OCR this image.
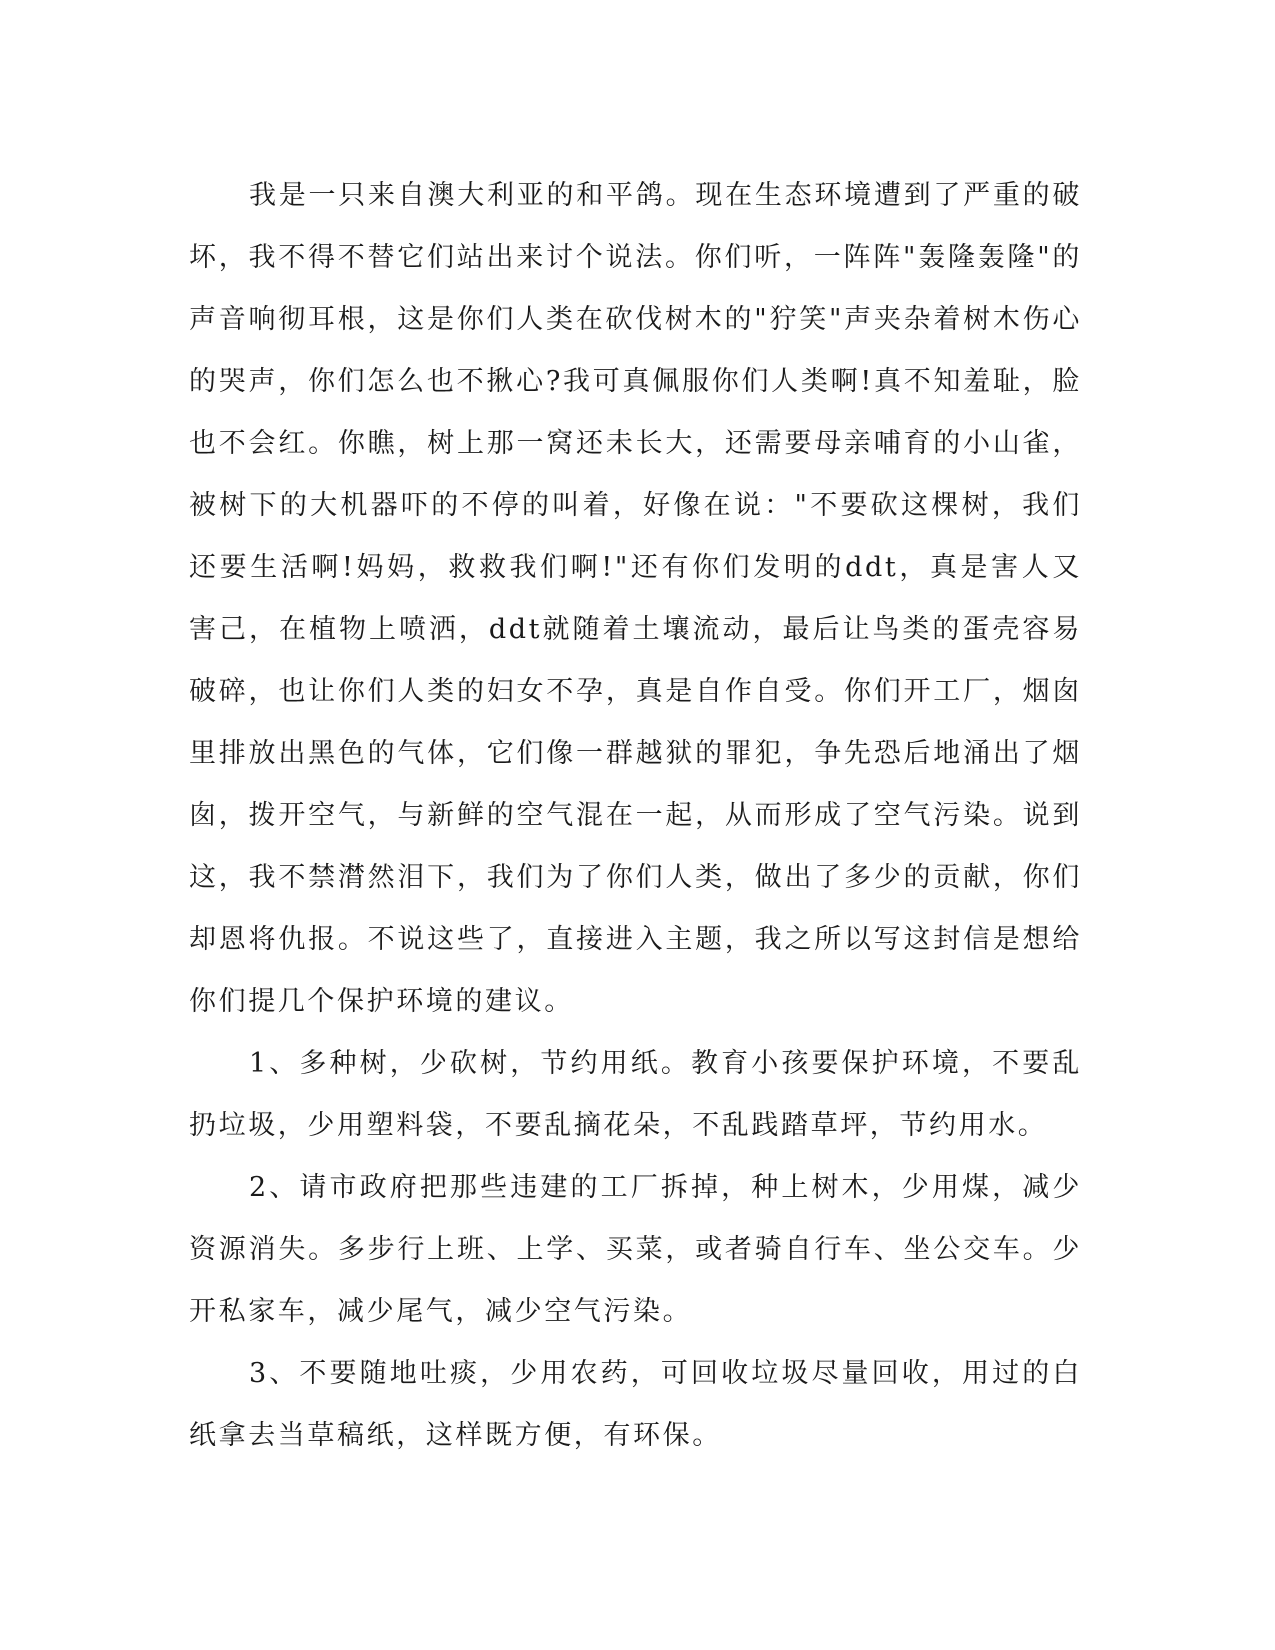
我是一只来自澳大利亚的和平鸽。现在生态环境遭到了严重的破坏，我不得不替它们站出来讨个说法。你们听，一阵阵"轰隆轰隆"的声音响彻耳根，这是你们人类在砍伐树木的"狞笑"声夹杂着树木伤心的哭声，你们怎么也不揪心?我可真佩服你们人类啊!真不知羞耻，脸也不会红。你瞧，树上那一窝还未长大，还需要母亲哺育的小山雀，被树下的大机器吓的不停的叫着，好像在说："不要砍这棵树，我们还要生活啊!妈妈，救救我们啊!"还有你们发明的ddt，真是害人又害己，在植物上喷洒，ddt就随着土壤流动，最后让鸟类的蛋壳容易破碎，也让你们人类的妇女不孕，真是自作自受。你们开工厂，烟囱里排放出黑色的气体，它们像一群越狱的罪犯，争先恐后地涌出了烟囱，拨开空气，与新鲜的空气混在一起，从而形成了空气污染。说到这，我不禁潸然泪下，我们为了你们人类，做出了多少的贡献，你们却恩将仇报。不说这些了，直接进入主题，我之所以写这封信是想给你们提几个保护环境的建议。

1、多种树，少砍树，节约用纸。教育小孩要保护环境，不要乱扔垃圾，少用塑料袋，不要乱摘花朵，不乱践踏草坪，节约用水。

2、请市政府把那些违建的工厂拆掉，种上树木，少用煤，减少资源消失。多步行上班、上学、买菜，或者骑自行车、坐公交车。少开私家车，减少尾气，减少空气污染。

3、不要随地吐痰，少用农药，可回收垃圾尽量回收，用过的白纸拿去当草稿纸，这样既方便，有环保。
